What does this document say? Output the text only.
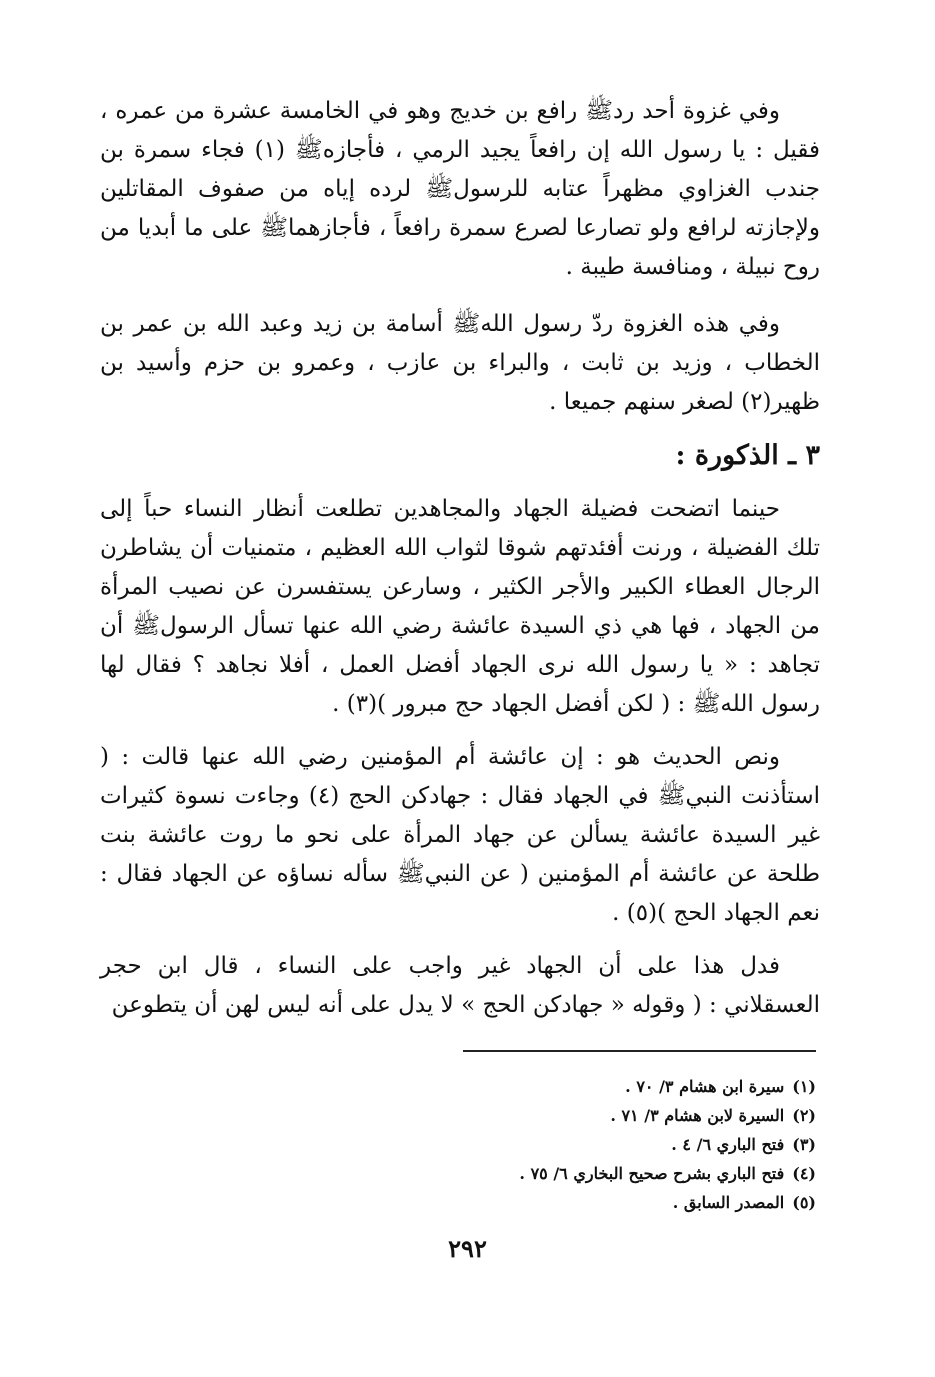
وفي غزوة أحد ردﷺ رافع بن خديج وهو في الخامسة عشرة من عمره ، فقيل : يا رسول الله إن رافعاً يجيد الرمي ، فأجازهﷺ (١) فجاء سمرة بن جندب الغزاوي مظهراً عتابه للرسولﷺ لرده إياه من صفوف المقاتلين ولإجازته لرافع ولو تصارعا لصرع سمرة رافعاً ، فأجازهماﷺ على ما أبديا من روح نبيلة ، ومنافسة طيبة .

وفي هذه الغزوة ردّ رسول اللهﷺ أسامة بن زيد وعبد الله بن عمر بن الخطاب ، وزيد بن ثابت ، والبراء بن عازب ، وعمرو بن حزم وأسيد بن ظهير(٢) لصغر سنهم جميعا .

٣ ـ الذكورة :

حينما اتضحت فضيلة الجهاد والمجاهدين تطلعت أنظار النساء حباً إلى تلك الفضيلة ، ورنت أفئدتهم شوقا لثواب الله العظيم ، متمنيات أن يشاطرن الرجال العطاء الكبير والأجر الكثير ، وسارعن يستفسرن عن نصيب المرأة من الجهاد ، فها هي ذي السيدة عائشة رضي الله عنها تسأل الرسولﷺ أن تجاهد : « يا رسول الله نرى الجهاد أفضل العمل ، أفلا نجاهد ؟ فقال لها رسول اللهﷺ : ( لكن أفضل الجهاد حج مبرور )(٣) .

ونص الحديث هو : إن عائشة أم المؤمنين رضي الله عنها قالت : ( استأذنت النبيﷺ في الجهاد فقال : جهادكن الحج (٤) وجاءت نسوة كثيرات غير السيدة عائشة يسألن عن جهاد المرأة على نحو ما روت عائشة بنت طلحة عن عائشة أم المؤمنين ( عن النبيﷺ سأله نساؤه عن الجهاد فقال : نعم الجهاد الحج )(٥) .

فدل هذا على أن الجهاد غير واجب على النساء ، قال ابن حجر العسقلاني : ( وقوله « جهادكن الحج » لا يدل على أنه ليس لهن أن يتطوعن

(١)سيرة ابن هشام ٣/ ٧٠ .

(٢)السيرة لابن هشام ٣/ ٧١ .

(٣)فتح الباري ٦/ ٤ .

(٤)فتح الباري بشرح صحيح البخاري ٦/ ٧٥ .

(٥)المصدر السابق .

٢٩٢
